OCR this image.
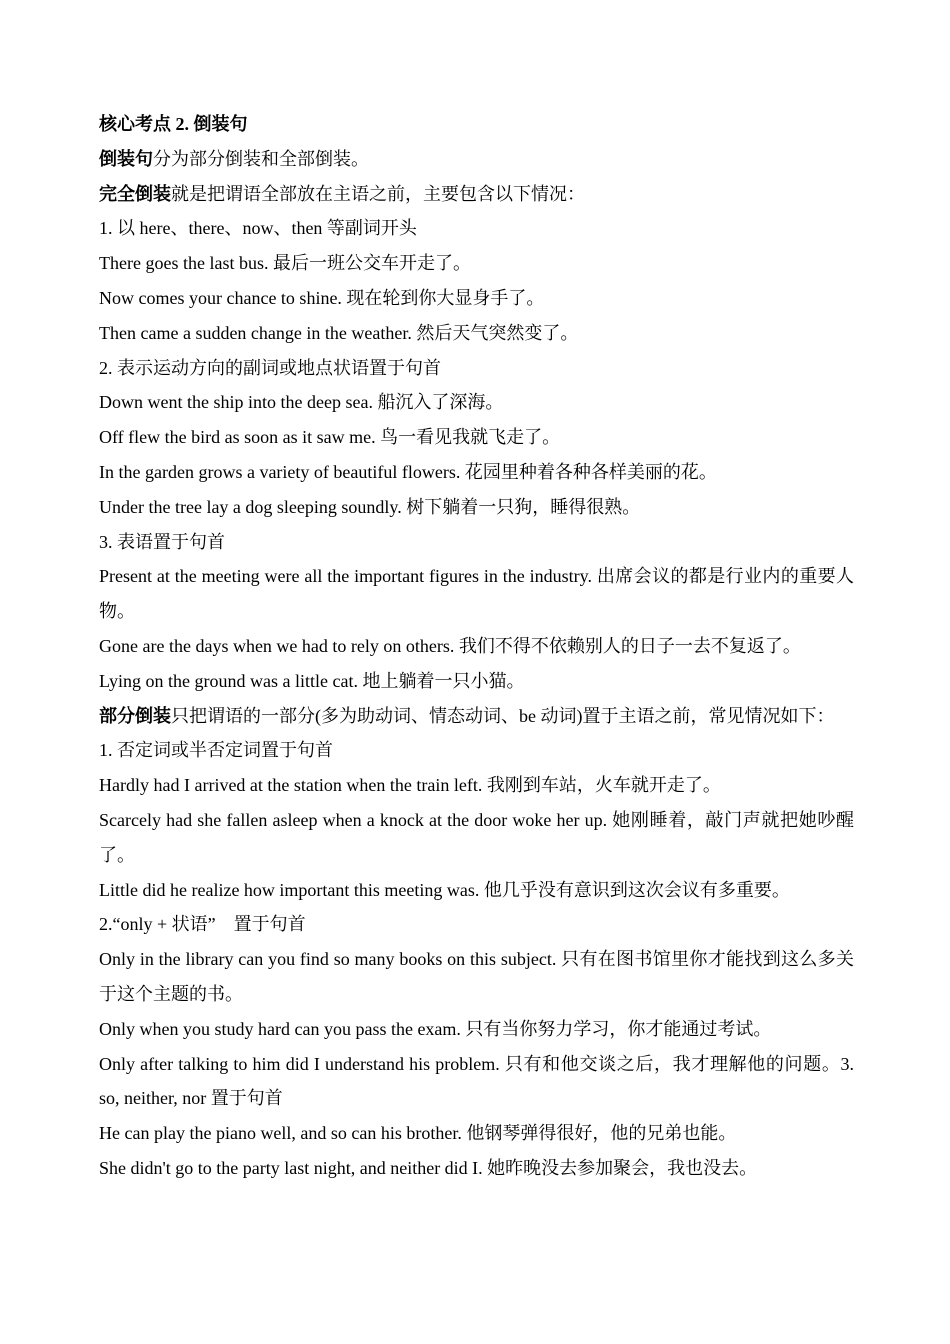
核心考点 2. 倒装句

倒装句分为部分倒装和全部倒装。

完全倒装就是把谓语全部放在主语之前，主要包含以下情况：

1. 以 here、there、now、then 等副词开头

There goes the last bus. 最后一班公交车开走了。

Now comes your chance to shine. 现在轮到你大显身手了。

Then came a sudden change in the weather. 然后天气突然变了。

2. 表示运动方向的副词或地点状语置于句首

Down went the ship into the deep sea. 船沉入了深海。

Off flew the bird as soon as it saw me. 鸟一看见我就飞走了。

In the garden grows a variety of beautiful flowers. 花园里种着各种各样美丽的花。

Under the tree lay a dog sleeping soundly. 树下躺着一只狗，睡得很熟。

3. 表语置于句首

Present at the meeting were all the important figures in the industry. 出席会议的都是行业内的重要人物。

Gone are the days when we had to rely on others. 我们不得不依赖别人的日子一去不复返了。

Lying on the ground was a little cat. 地上躺着一只小猫。

部分倒装只把谓语的一部分(多为助动词、情态动词、be 动词)置于主语之前，常见情况如下：

1. 否定词或半否定词置于句首

Hardly had I arrived at the station when the train left. 我刚到车站，火车就开走了。

Scarcely had she fallen asleep when a knock at the door woke her up. 她刚睡着，敲门声就把她吵醒了。

Little did he realize how important this meeting was. 他几乎没有意识到这次会议有多重要。

2.“only + 状语”　置于句首

Only in the library can you find so many books on this subject. 只有在图书馆里你才能找到这么多关于这个主题的书。

Only when you study hard can you pass the exam. 只有当你努力学习，你才能通过考试。

Only after talking to him did I understand his problem. 只有和他交谈之后，我才理解他的问题。3. so, neither, nor 置于句首

He can play the piano well, and so can his brother. 他钢琴弹得很好，他的兄弟也能。

She didn't go to the party last night, and neither did I. 她昨晚没去参加聚会，我也没去。
